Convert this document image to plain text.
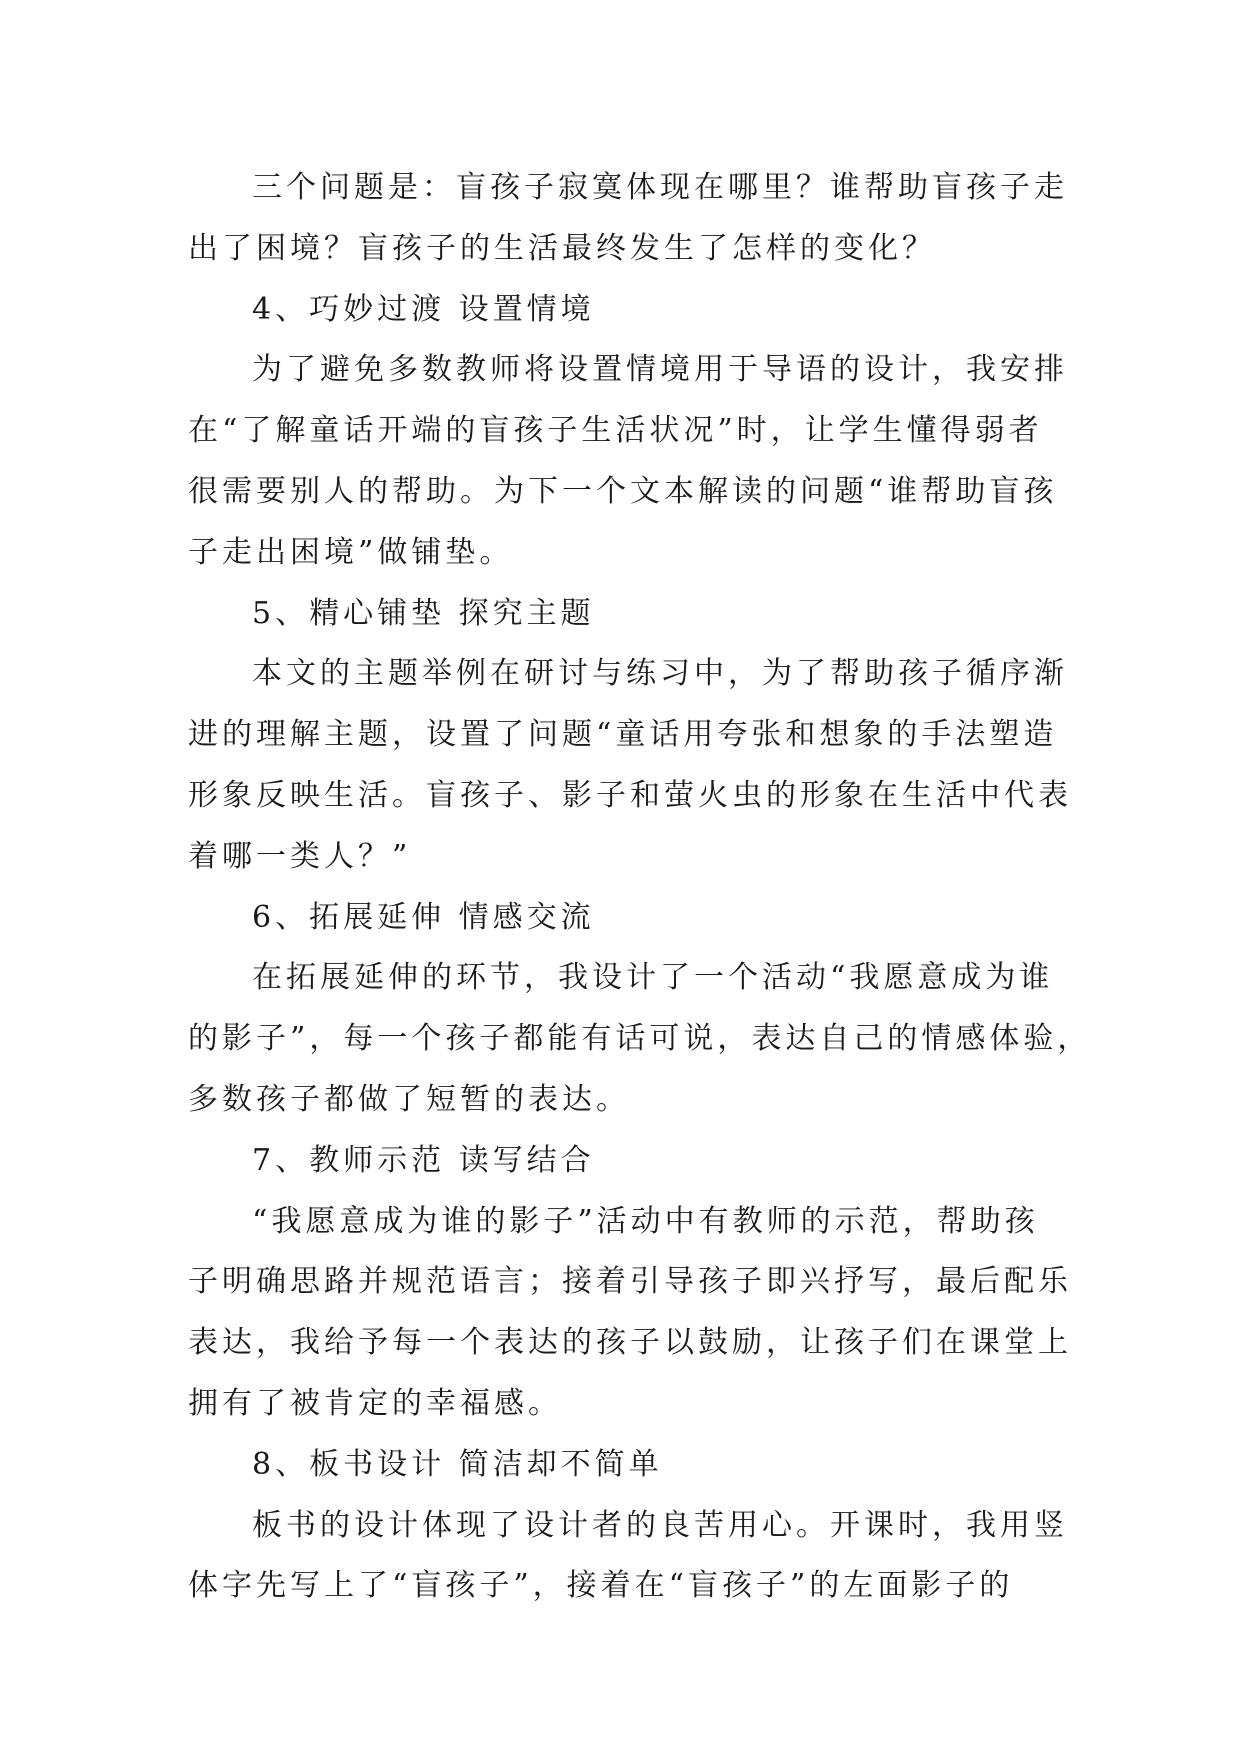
三个问题是：盲孩子寂寞体现在哪里？谁帮助盲孩子走
出了困境？盲孩子的生活最终发生了怎样的变化？
4、巧妙过渡 设置情境
为了避免多数教师将设置情境用于导语的设计，我安排
在“了解童话开端的盲孩子生活状况”时，让学生懂得弱者
很需要别人的帮助。为下一个文本解读的问题“谁帮助盲孩
子走出困境”做铺垫。
5、精心铺垫 探究主题
本文的主题举例在研讨与练习中，为了帮助孩子循序渐
进的理解主题，设置了问题“童话用夸张和想象的手法塑造
形象反映生活。盲孩子、影子和萤火虫的形象在生活中代表
着哪一类人？”
6、拓展延伸 情感交流
在拓展延伸的环节，我设计了一个活动“我愿意成为谁
的影子”，每一个孩子都能有话可说，表达自己的情感体验，
多数孩子都做了短暂的表达。
7、教师示范 读写结合
“我愿意成为谁的影子”活动中有教师的示范，帮助孩
子明确思路并规范语言；接着引导孩子即兴抒写，最后配乐
表达，我给予每一个表达的孩子以鼓励，让孩子们在课堂上
拥有了被肯定的幸福感。
8、板书设计 简洁却不简单
板书的设计体现了设计者的良苦用心。开课时，我用竖
体字先写上了“盲孩子”，接着在“盲孩子”的左面影子的
